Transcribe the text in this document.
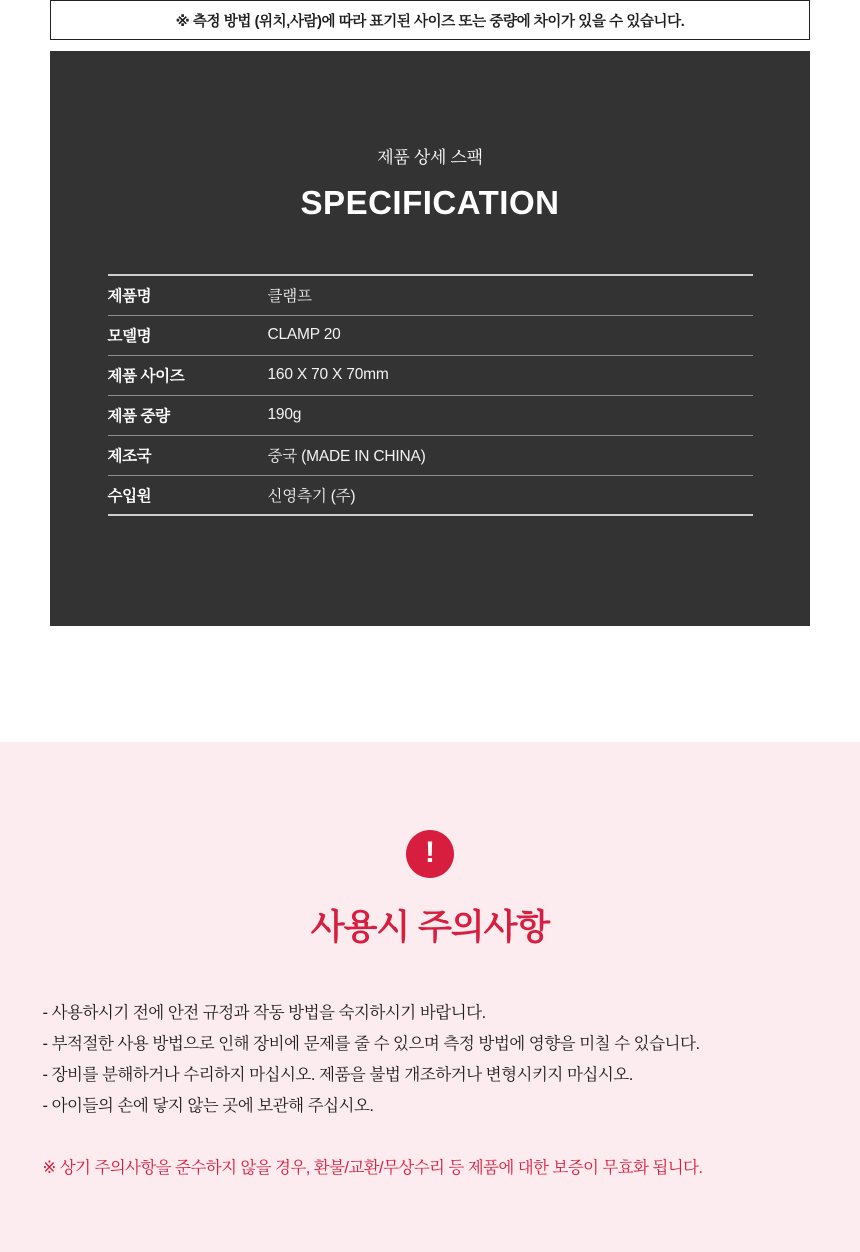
※ 측정 방법 (위치,사람)에 따라 표기된 사이즈 또는 중량에 차이가 있을 수 있습니다.
제품 상세 스팩
SPECIFICATION
제품명	클램프
모델명	CLAMP 20
제품 사이즈	160 X 70 X 70mm
제품 중량	190g
제조국	중국 (MADE IN CHINA)
수입원	신영측기 (주)
!
사용시 주의사항
- 사용하시기 전에 안전 규정과 작동 방법을 숙지하시기 바랍니다.
- 부적절한 사용 방법으로 인해 장비에 문제를 줄 수 있으며 측정 방법에 영향을 미칠 수 있습니다.
- 장비를 분해하거나 수리하지 마십시오. 제품을 불법 개조하거나 변형시키지 마십시오.
- 아이들의 손에 닿지 않는 곳에 보관해 주십시오.
※ 상기 주의사항을 준수하지 않을 경우, 환불/교환/무상수리 등 제품에 대한 보증이 무효화 됩니다.
